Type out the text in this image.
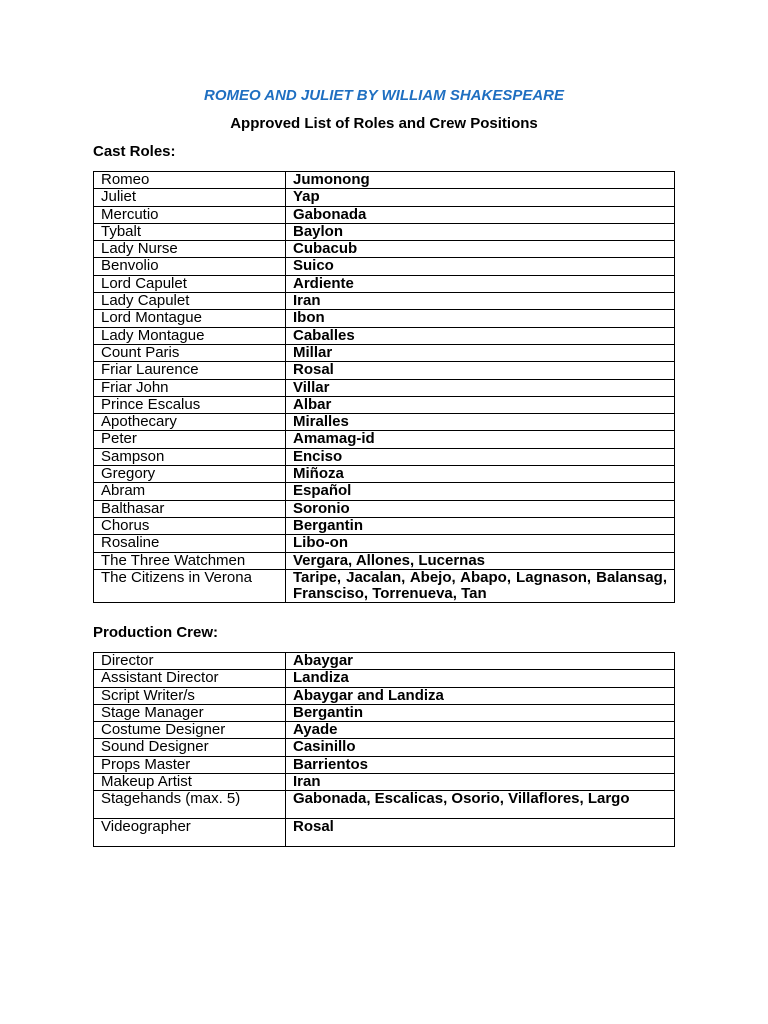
ROMEO AND JULIET BY WILLIAM SHAKESPEARE
Approved List of Roles and Crew Positions
Cast Roles:
Romeo	Jumonong
Juliet	Yap
Mercutio	Gabonada
Tybalt	Baylon
Lady Nurse	Cubacub
Benvolio	Suico
Lord Capulet	Ardiente
Lady Capulet	Iran
Lord Montague	Ibon
Lady Montague	Caballes
Count Paris	Millar
Friar Laurence	Rosal
Friar John	Villar
Prince Escalus	Albar
Apothecary	Miralles
Peter	Amamag-id
Sampson	Enciso
Gregory	Miñoza
Abram	Español
Balthasar	Soronio
Chorus	Bergantin
Rosaline	Libo-on
The Three Watchmen	Vergara, Allones, Lucernas
The Citizens in Verona	Taripe, Jacalan, Abejo, Abapo, Lagnason, Balansag, Fransciso, Torrenueva, Tan
Production Crew:
Director	Abaygar
Assistant Director	Landiza
Script Writer/s	Abaygar and Landiza
Stage Manager	Bergantin
Costume Designer	Ayade
Sound Designer	Casinillo
Props Master	Barrientos
Makeup Artist	Iran
Stagehands (max. 5)	Gabonada, Escalicas, Osorio, Villaflores, Largo
Videographer	Rosal
